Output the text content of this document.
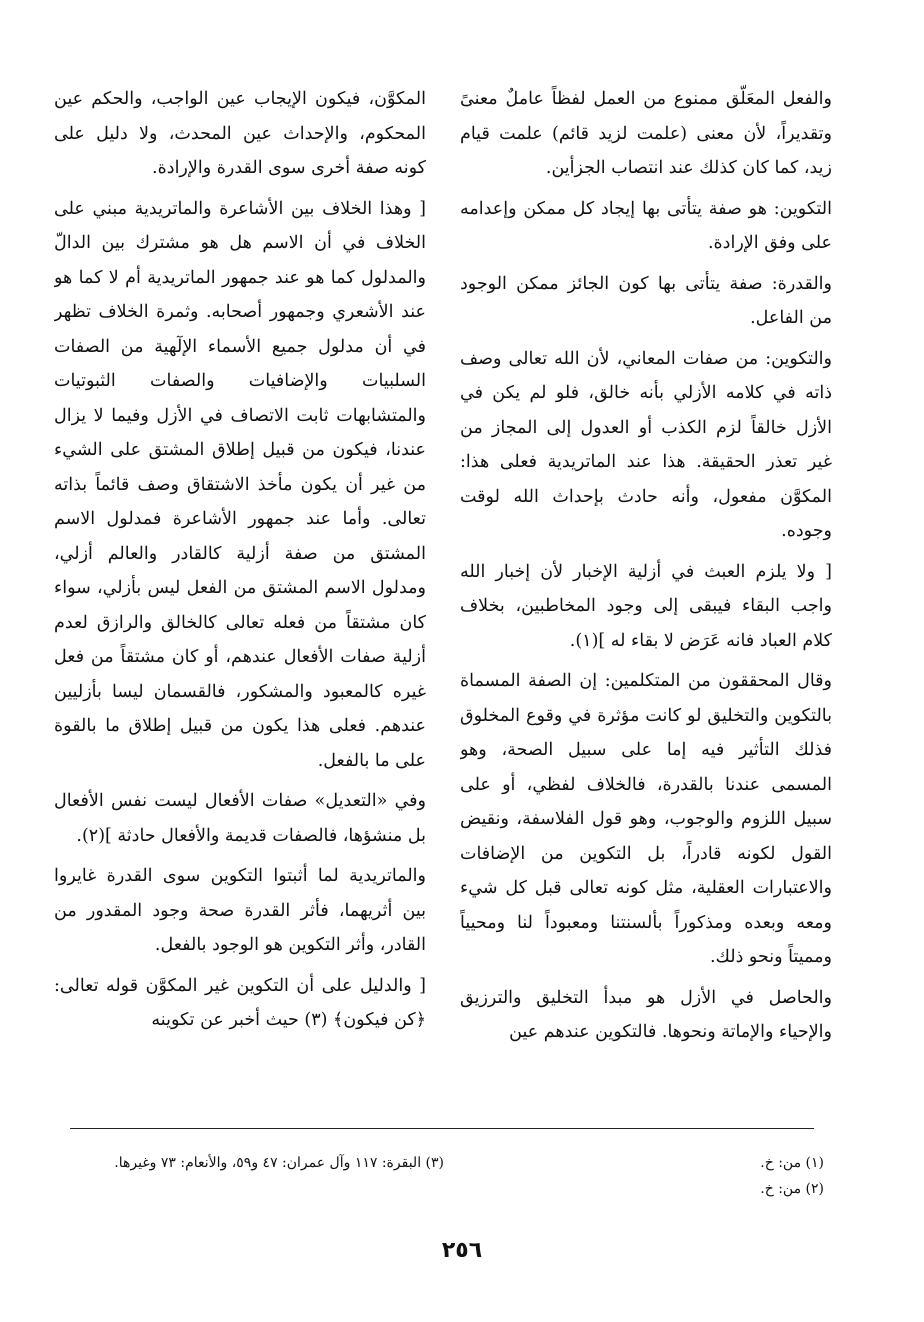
والفعل المعَلّق ممنوع من العمل لفظاً عاملٌ معنىً وتقديراً، لأن معنى (علمت لزيد قائم) علمت قيام زيد، كما كان كذلك عند انتصاب الجزأين.

التكوين: هو صفة يتأتى بها إيجاد كل ممكن وإعدامه على وفق الإرادة.

والقدرة: صفة يتأتى بها كون الجائز ممكن الوجود من الفاعل.

والتكوين: من صفات المعاني، لأن الله تعالى وصف ذاته في كلامه الأزلي بأنه خالق، فلو لم يكن في الأزل خالقاً لزم الكذب أو العدول إلى المجاز من غير تعذر الحقيقة. هذا عند الماتريدية فعلى هذا: المكوَّن مفعول، وأنه حادث بإحداث الله لوقت وجوده.

[ ولا يلزم العبث في أزلية الإخبار لأن إخبار الله واجب البقاء فيبقى إلى وجود المخاطبين، بخلاف كلام العباد فانه عَرَض لا بقاء له ](١).

وقال المحققون من المتكلمين: إن الصفة المسماة بالتكوين والتخليق لو كانت مؤثرة في وقوع المخلوق فذلك التأثير فيه إما على سبيل الصحة، وهو المسمى عندنا بالقدرة، فالخلاف لفظي، أو على سبيل اللزوم والوجوب، وهو قول الفلاسفة، ونقيض القول لكونه قادراً، بل التكوين من الإضافات والاعتبارات العقلية، مثل كونه تعالى قبل كل شيء ومعه وبعده ومذكوراً بألسنتنا ومعبوداً لنا ومحيياً ومميتاً ونحو ذلك.

والحاصل في الأزل هو مبدأ التخليق والترزيق والإحياء والإماتة ونحوها. فالتكوين عندهم عين

المكوَّن، فيكون الإيجاب عين الواجب، والحكم عين المحكوم، والإحداث عين المحدث، ولا دليل على كونه صفة أخرى سوى القدرة والإرادة.

[ وهذا الخلاف بين الأشاعرة والماتريدية مبني على الخلاف في أن الاسم هل هو مشترك بين الدالّ والمدلول كما هو عند جمهور الماتريدية أم لا كما هو عند الأشعري وجمهور أصحابه. وثمرة الخلاف تظهر في أن مدلول جميع الأسماء الإلٓهية من الصفات السلبيات والإضافيات والصفات الثبوتيات والمتشابهات ثابت الاتصاف في الأزل وفيما لا يزال عندنا، فيكون من قبيل إطلاق المشتق على الشيء من غير أن يكون مأخذ الاشتقاق وصف قائماً بذاته تعالى. وأما عند جمهور الأشاعرة فمدلول الاسم المشتق من صفة أزلية كالقادر والعالم أزلي، ومدلول الاسم المشتق من الفعل ليس بأزلي، سواء كان مشتقاً من فعله تعالى كالخالق والرازق لعدم أزلية صفات الأفعال عندهم، أو كان مشتقاً من فعل غيره كالمعبود والمشكور، فالقسمان ليسا بأزليين عندهم. فعلى هذا يكون من قبيل إطلاق ما بالقوة على ما بالفعل.

وفي «التعديل» صفات الأفعال ليست نفس الأفعال بل منشؤها، فالصفات قديمة والأفعال حادثة ](٢).

والماتريدية لما أثبتوا التكوين سوى القدرة غايروا بين أثريهما، فأثر القدرة صحة وجود المقدور من القادر، وأثر التكوين هو الوجود بالفعل.

[ والدليل على أن التكوين غير المكوَّن قوله تعالى: ﴿كن فيكون﴾ (٣) حيث أخبر عن تكوينه

(١) من: خ.

(٢) من: خ.

(٣) البقرة: ١١٧ وآل عمران: ٤٧ و٥٩، والأنعام: ٧٣ وغيرها.

٢٥٦
